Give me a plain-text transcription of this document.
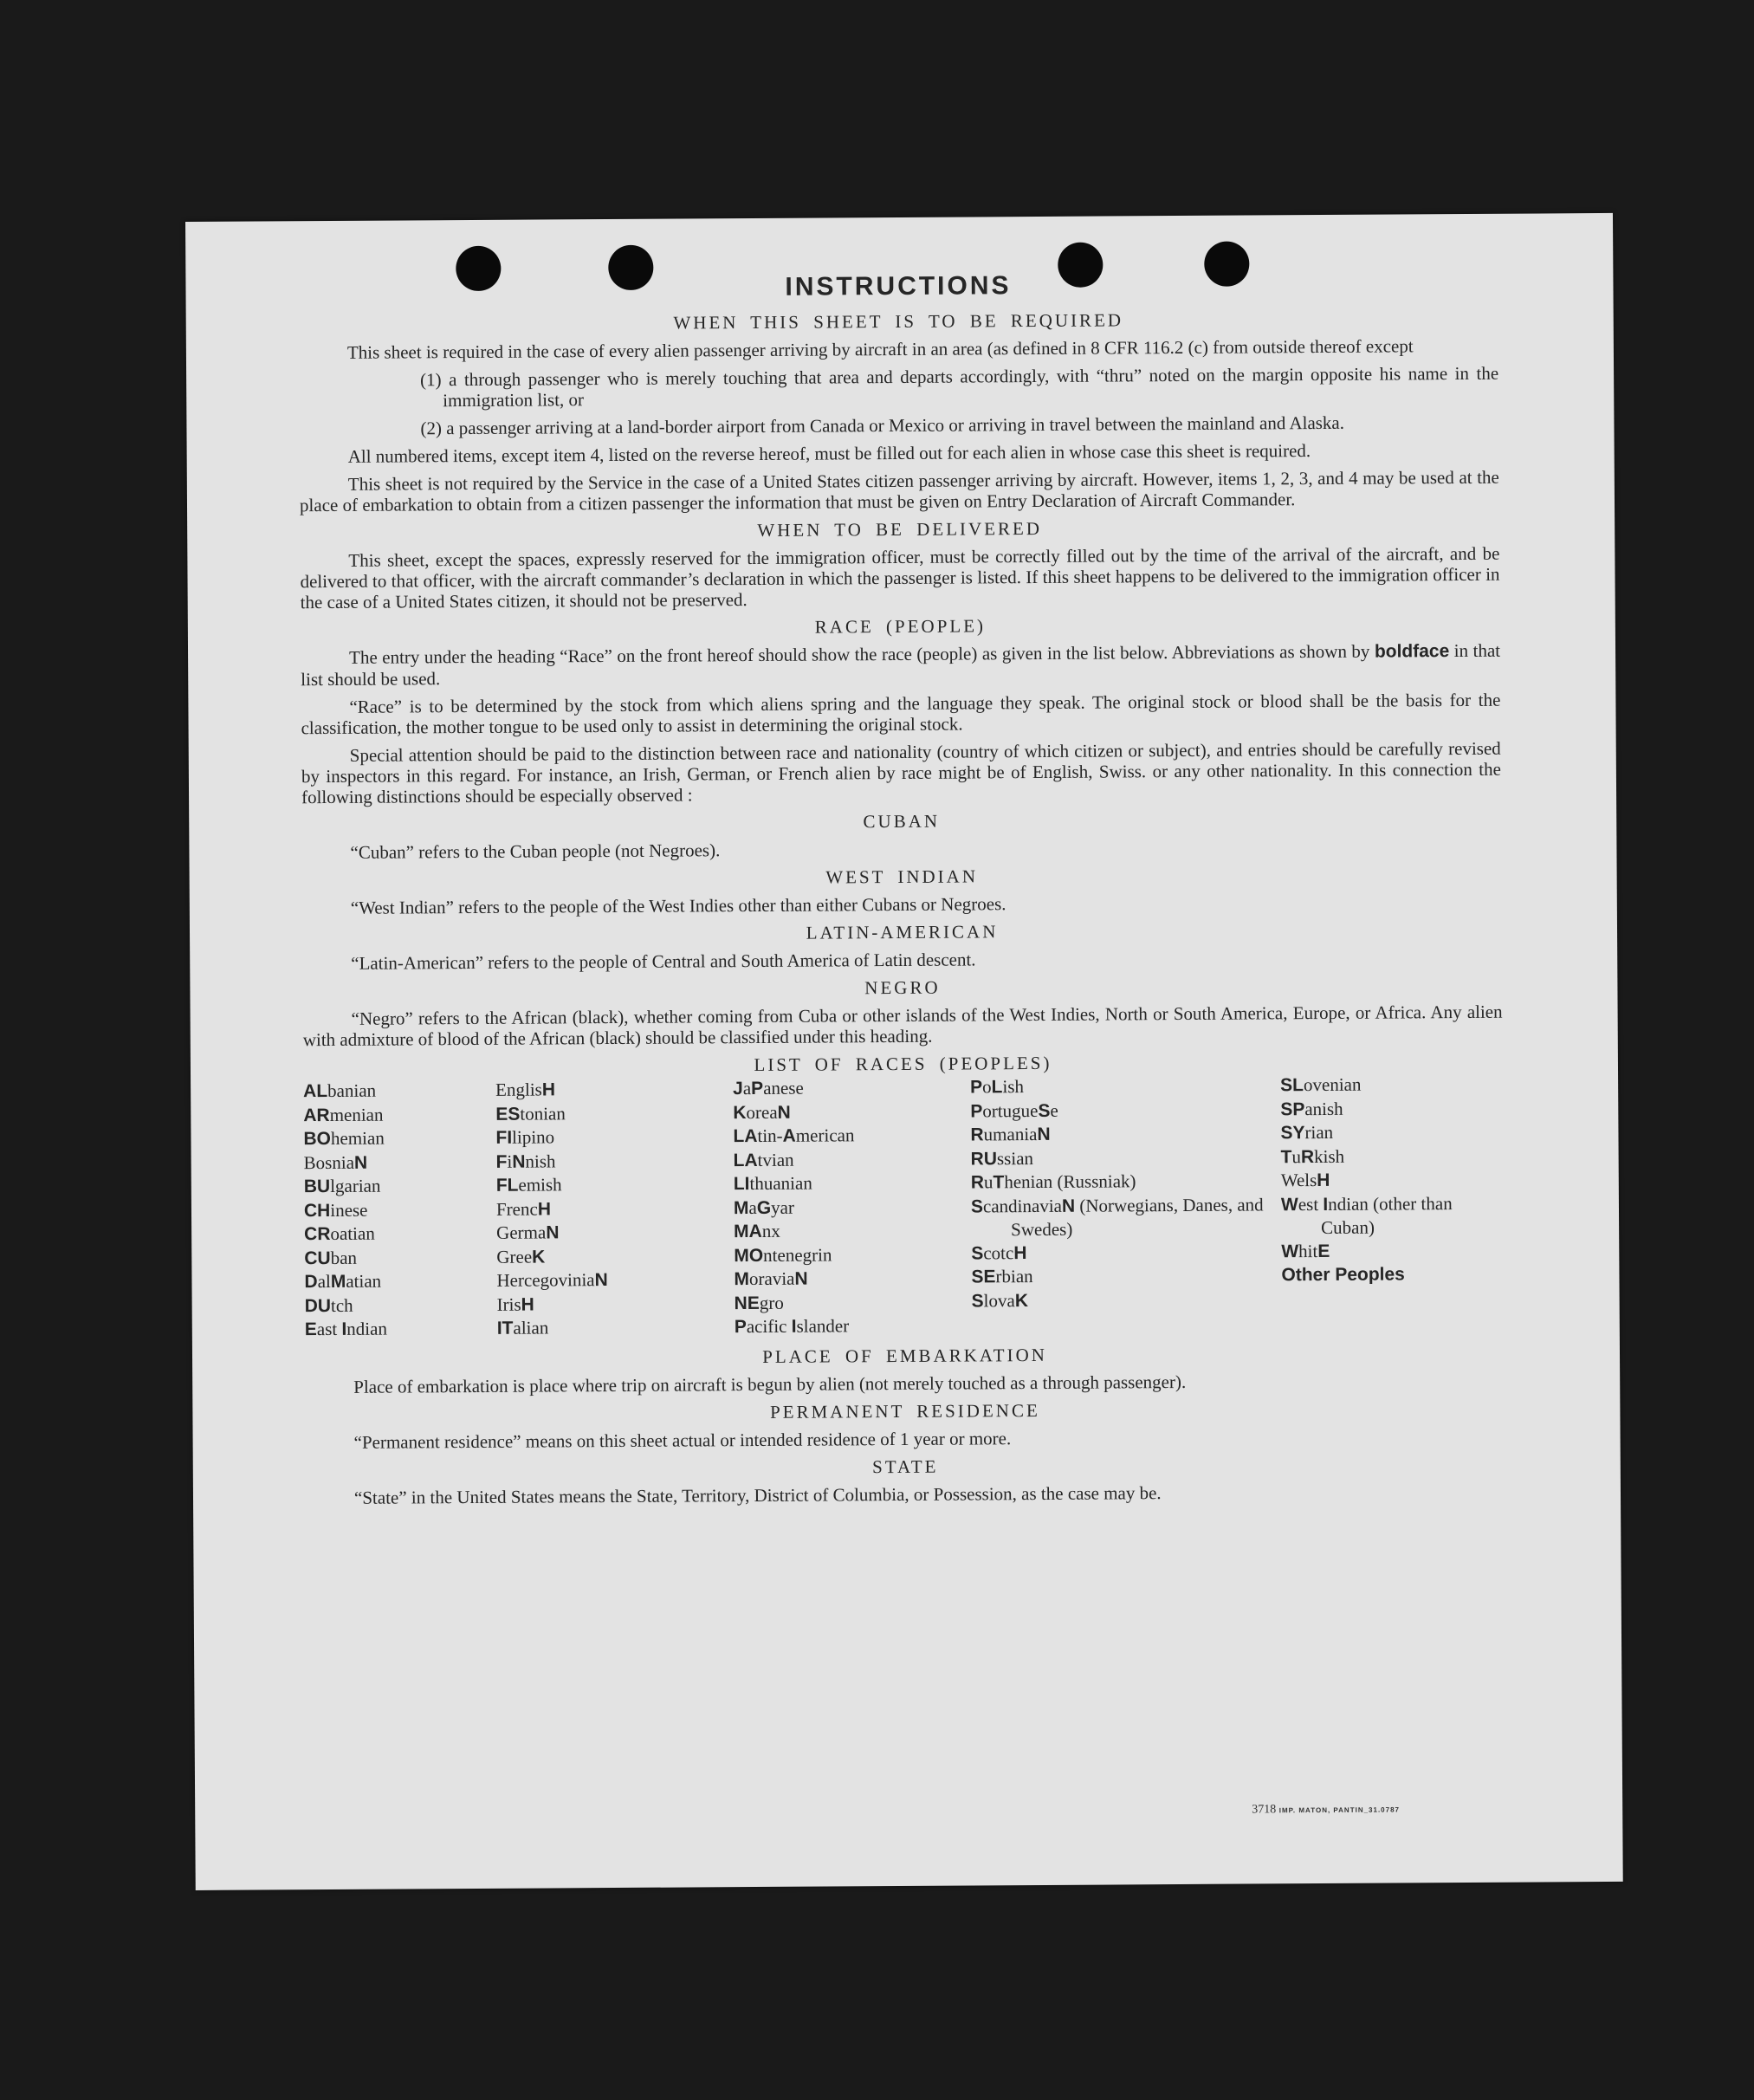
INSTRUCTIONS
WHEN THIS SHEET IS TO BE REQUIRED

This sheet is required in the case of every alien passenger arriving by aircraft in an area (as defined in 8 CFR 116.2 (c) from outside thereof except

(1) a through passenger who is merely touching that area and departs accordingly, with “thru” noted on the margin opposite his name in the immigration list, or
(2) a passenger arriving at a land-border airport from Canada or Mexico or arriving in travel between the mainland and Alaska.

All numbered items, except item 4, listed on the reverse hereof, must be filled out for each alien in whose case this sheet is required.

This sheet is not required by the Service in the case of a United States citizen passenger arriving by aircraft. However, items 1, 2, 3, and 4 may be used at the place of embarkation to obtain from a citizen passenger the information that must be given on Entry Declaration of Aircraft Commander.

WHEN TO BE DELIVERED

This sheet, except the spaces, expressly reserved for the immigration officer, must be correctly filled out by the time of the arrival of the aircraft, and be delivered to that officer, with the aircraft commander’s declaration in which the passenger is listed. If this sheet happens to be delivered to the immigration officer in the case of a United States citizen, it should not be preserved.

RACE (PEOPLE)

The entry under the heading “Race” on the front hereof should show the race (people) as given in the list below. Abbreviations as shown by boldface in that list should be used.

“Race” is to be determined by the stock from which aliens spring and the language they speak. The original stock or blood shall be the basis for the classification, the mother tongue to be used only to assist in determining the original stock.

Special attention should be paid to the distinction between race and nationality (country of which citizen or subject), and entries should be carefully revised by inspectors in this regard. For instance, an Irish, German, or French alien by race might be of English, Swiss. or any other nationality. In this connection the following distinctions should be especially observed :

CUBAN

“Cuban” refers to the Cuban people (not Negroes).

WEST INDIAN

“West Indian” refers to the people of the West Indies other than either Cubans or Negroes.

LATIN-AMERICAN

“Latin-American” refers to the people of Central and South America of Latin descent.

NEGRO

“Negro” refers to the African (black), whether coming from Cuba or other islands of the West Indies, North or South America, Europe, or Africa. Any alien with admixture of blood of the African (black) should be classified under this heading.

LIST OF RACES (PEOPLES)
ALbanian
ARmenian
BOhemian
BosniaN
BUlgarian
CHinese
CRoatian
CUban
DalMatian
DUtch
East Indian
EnglisH
EStonian
FIlipino
FiNnish
FLemish
FrencH
GermaN
GreeK
HercegoviniaN
IrisH
ITalian
JaPanese
KoreaN
LAtin-American
LAtvian
LIthuanian
MaGyar
MAnx
MOntenegrin
MoraviaN
NEgro
Pacific Islander
PoLish
PortugueSe
RumaniaN
RUssian
RuThenian (Russniak)
ScandinaviaN (Norwegians, Danes, and Swedes)
ScotcH
SErbian
SlovaK
SLovenian
SPanish
SYrian
TuRkish
WelsH
West Indian (other than Cuban)
WhitE
Other Peoples
PLACE OF EMBARKATION

Place of embarkation is place where trip on aircraft is begun by alien (not merely touched as a through passenger).

PERMANENT RESIDENCE

“Permanent residence” means on this sheet actual or intended residence of 1 year or more.

STATE

“State” in the United States means the State, Territory, District of Columbia, or Possession, as the case may be.

3718 IMP. MATON, PANTIN_31.0787
